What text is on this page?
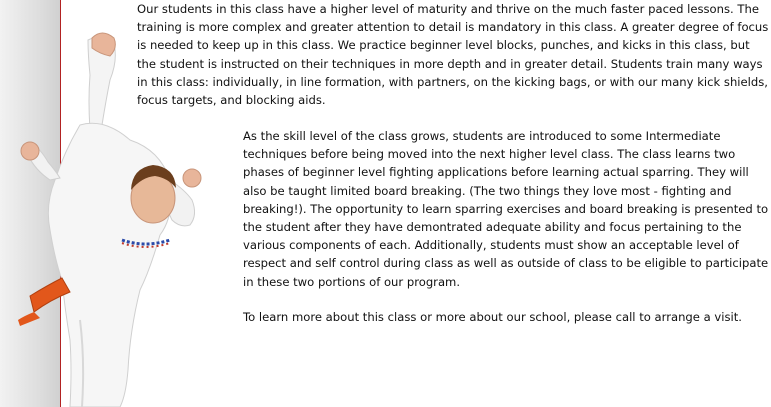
Our students in this class have a higher level of maturity and thrive on the much faster paced lessons. The training is more complex and greater attention to detail is mandatory in this class. A greater degree of focus is needed to keep up in this class. We practice beginner level blocks, punches, and kicks in this class, but the student is instructed on their techniques in more depth and in greater detail. Students train many ways in this class: individually, in line formation, with partners, on the kicking bags, or with our many kick shields, focus targets, and blocking aids.

As the skill level of the class grows, students are introduced to some Intermediate techniques before being moved into the next higher level class. The class learns two phases of beginner level fighting applications before learning actual sparring. They will also be taught limited board breaking. (The two things they love most - fighting and breaking!). The opportunity to learn sparring exercises and board breaking is presented to the student after they have demontrated adequate ability and focus pertaining to the various components of each. Additionally, students must show an acceptable level of respect and self control during class as well as outside of class to be eligible to participate in these two portions of our program.

To learn more about this class or more about our school, please call to arrange a visit.
